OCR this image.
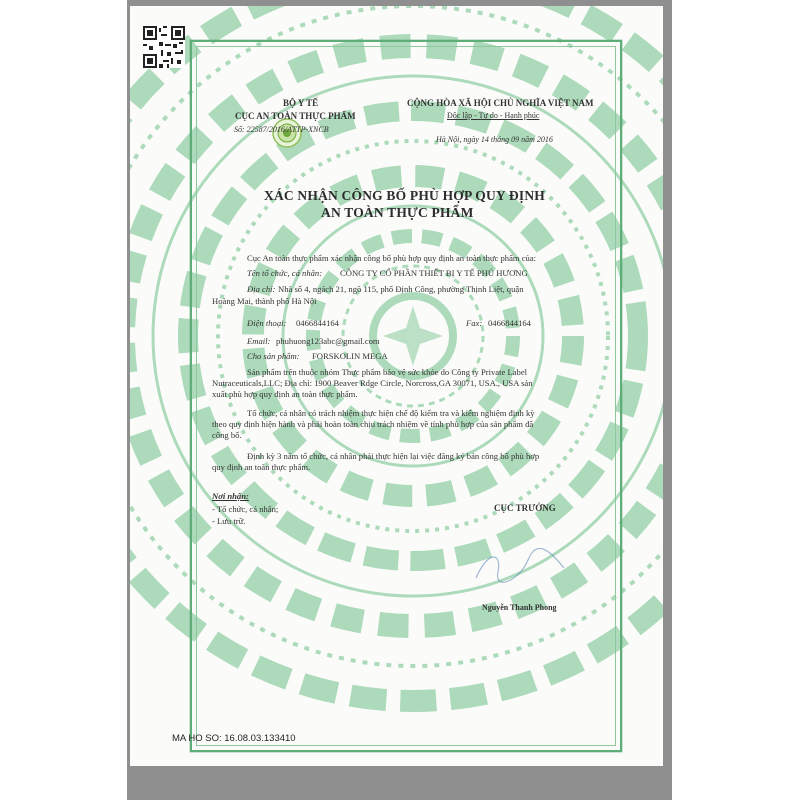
BỘ Y TẾ
CỤC AN TOÀN THỰC PHẨM
Số: 22587/2016/ATTP-XNCB
CỘNG HÒA XÃ HỘI CHỦ NGHĨA VIỆT NAM
Độc lập - Tự do - Hạnh phúc
Hà Nội, ngày 14 tháng 09 năm 2016
XÁC NHẬN CÔNG BỐ PHÙ HỢP QUY ĐỊNH
AN TOÀN THỰC PHẨM
Cục An toàn thực phẩm xác nhận công bố phù hợp quy định an toàn thực phẩm của:
Tên tổ chức, cá nhân: CÔNG TY CỔ PHẦN THIẾT BỊ Y TẾ PHÚ HƯƠNG
Địa chỉ: Nhà số 4, ngách 21, ngõ 115, phố Định Công, phường Thịnh Liệt, quận
Hoàng Mai, thành phố Hà Nội
Điện thoại: 0466844164	Fax: 0466844164
Email: phuhuong123abc@gmail.com
Cho sản phẩm: FORSKOLIN MEGA
Sản phẩm trên thuộc nhóm Thực phẩm bảo vệ sức khỏe do Công ty Private Label
Nutraceuticals,LLC; Địa chỉ: 1900 Beaver Rdge Circle, Norcross,GA 30071, USA., USA sản
xuất phù hợp quy định an toàn thực phẩm.
Tổ chức, cá nhân có trách nhiệm thực hiện chế độ kiểm tra và kiểm nghiệm định kỳ
theo quy định hiện hành và phải hoàn toàn chịu trách nhiệm về tính phù hợp của sản phẩm đã
công bố.
Định kỳ 3 năm tổ chức, cá nhân phải thực hiện lại việc đăng ký bản công bố phù hợp
quy định an toàn thực phẩm.
Nơi nhận:
- Tổ chức, cá nhân;
- Lưu trữ.
CỤC TRƯỞNG
Nguyễn Thanh Phong
MA HO SO: 16.08.03.133410
